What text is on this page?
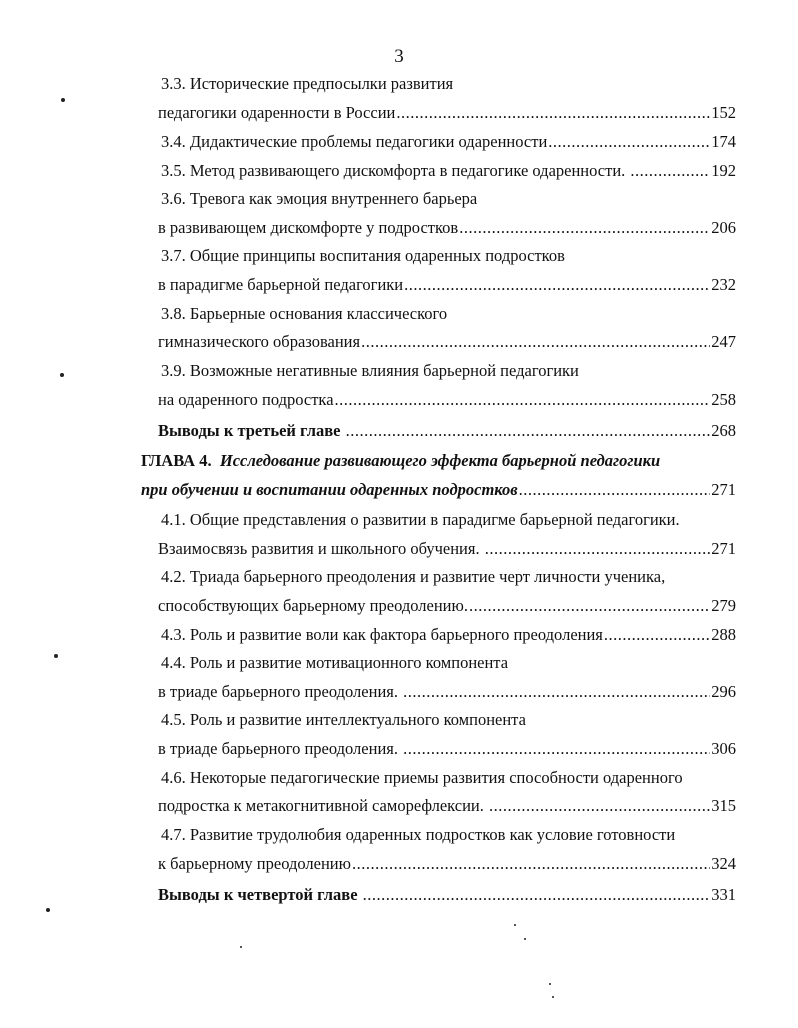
3
3.3. Исторические предпосылки развития
педагогики одаренности в России .....	152
3.4. Дидактические проблемы педагогики одаренности .....	174
3.5. Метод развивающего дискомфорта в педагогике одаренности. .....	192
3.6. Тревога как эмоция внутреннего барьера
в развивающем дискомфорте у подростков .....	206
3.7. Общие принципы воспитания одаренных подростков
в парадигме барьерной педагогики .....	232
3.8. Барьерные основания классического
гимназического образования .....	247
3.9. Возможные негативные влияния барьерной педагогики
на одаренного подростка .....	258
Выводы к третьей главе .....	268
ГЛАВА 4. Исследование развивающего эффекта барьерной педагогики
при обучении и воспитании одаренных подростков .....	271
4.1. Общие представления о развитии в парадигме барьерной педагогики.
Взаимосвязь развития и школьного обучения. .....	271
4.2. Триада барьерного преодоления и развитие черт личности ученика,
способствующих барьерному преодолению. .....	279
4.3. Роль и развитие воли как фактора барьерного преодоления .....	288
4.4. Роль и развитие мотивационного компонента
в триаде барьерного преодоления. .....	296
4.5. Роль и развитие интеллектуального компонента
в триаде барьерного преодоления. .....	306
4.6. Некоторые педагогические приемы развития способности одаренного
подростка к метакогнитивной саморефлексии. .....	315
4.7. Развитие трудолюбия одаренных подростков как условие готовности
к барьерному преодолению .....	324
Выводы к четвертой главе .....	331
